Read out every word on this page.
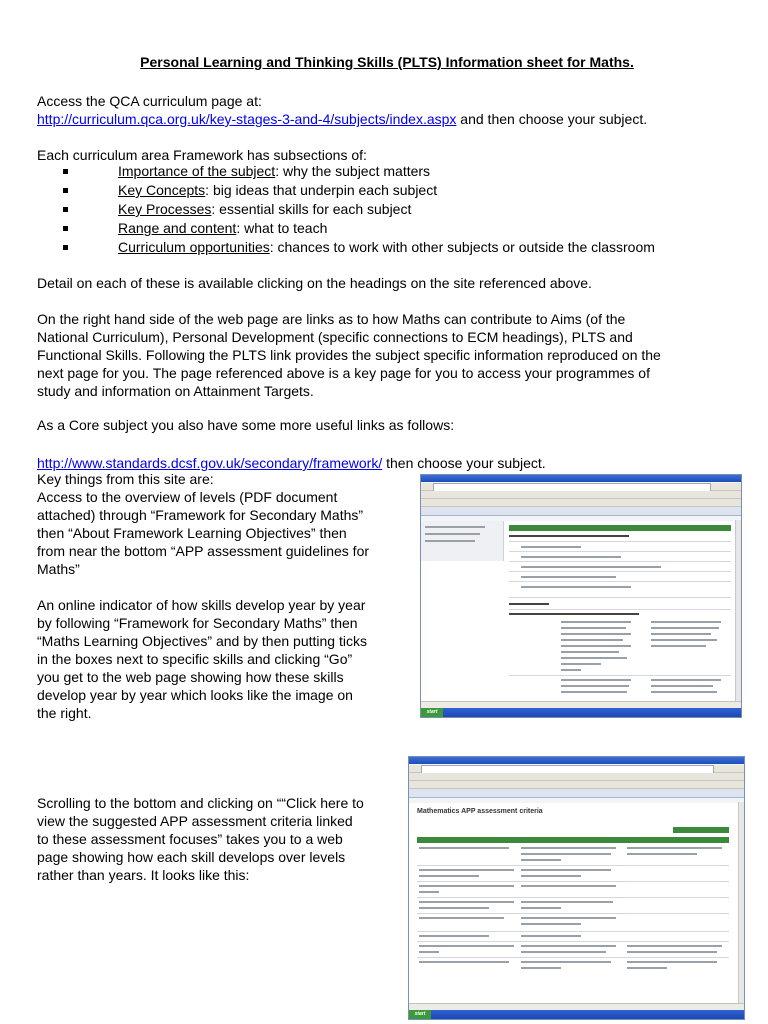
Personal Learning and Thinking Skills (PLTS) Information sheet for Maths.

Access the QCA curriculum page at:

http://curriculum.qca.org.uk/key-stages-3-and-4/subjects/index.aspx and then choose your subject.

Each curriculum area Framework has subsections of:

Importance of the subject : why the subject matters
Key Concepts : big ideas that underpin each subject
Key Processes : essential skills for each subject
Range and content : what to teach
Curriculum opportunities : chances to work with other subjects or outside the classroom

Detail on each of these is available clicking on the headings on the site referenced above.

On the right hand side of the web page are links as to how Maths can contribute to Aims (of the
National Curriculum), Personal Development (specific connections to ECM headings), PLTS and
Functional Skills. Following the PLTS link provides the subject specific information reproduced on the
next page for you. The page referenced above is a key page for you to access your programmes of
study and information on Attainment Targets.

As a Core subject you also have some more useful links as follows:

http://www.standards.dcsf.gov.uk/secondary/framework/ then choose your subject.

Key things from this site are:
Access to the overview of levels (PDF document
attached) through “Framework for Secondary Maths”
then “About Framework Learning Objectives” then
from near the bottom “APP assessment guidelines for
Maths”
An online indicator of how skills develop year by year
by following “Framework for Secondary Maths” then
“Maths Learning Objectives” and by then putting ticks
in the boxes next to specific skills and clicking “Go”
you get to the web page showing how these skills
develop year by year which looks like the image on
the right.
Scrolling to the bottom and clicking on ““Click here to
view the suggested APP assessment criteria linked
to these assessment focuses” takes you to a web
page showing how each skill develops over levels
rather than years. It looks like this:
start
Mathematics APP assessment criteria
start
